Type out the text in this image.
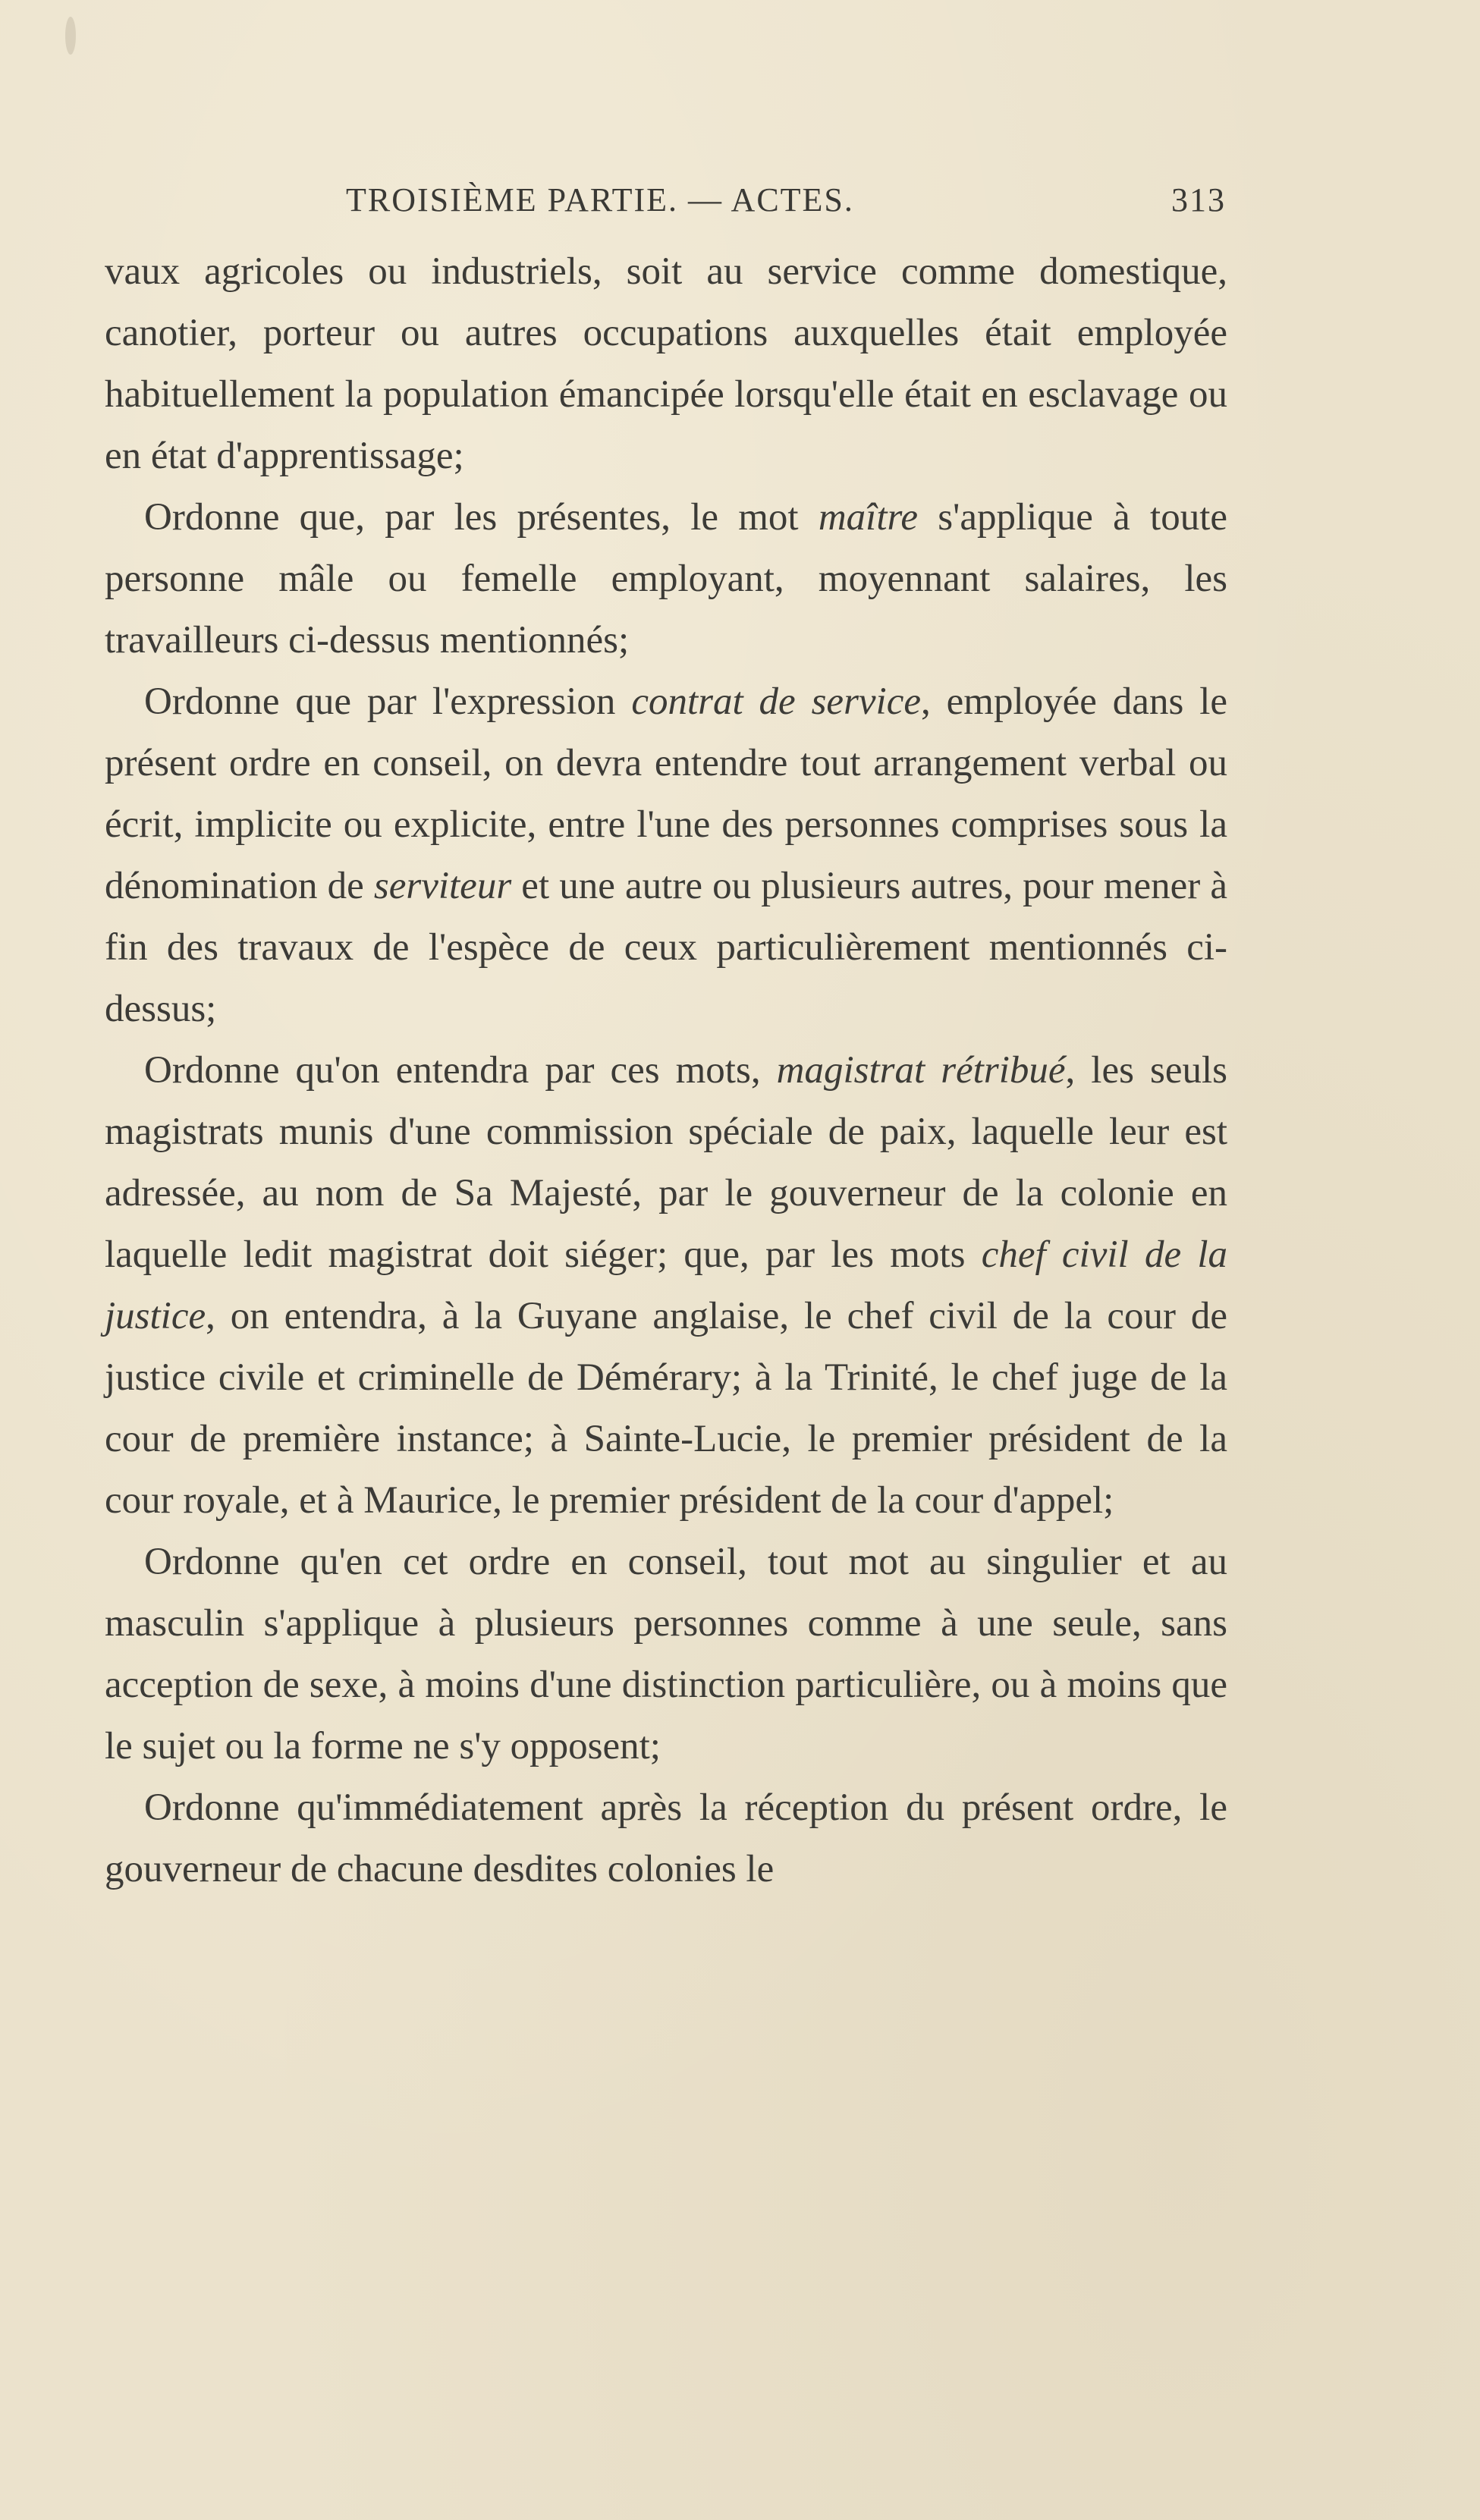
TROISIÈME PARTIE. — ACTES.	313

vaux agricoles ou industriels, soit au service comme domestique, canotier, porteur ou autres occupations auxquelles était employée habituellement la population émancipée lorsqu'elle était en esclavage ou en état d'apprentissage;

Ordonne que, par les présentes, le mot maître s'applique à toute personne mâle ou femelle employant, moyennant salaires, les travailleurs ci-dessus mentionnés;

Ordonne que par l'expression contrat de service, employée dans le présent ordre en conseil, on devra entendre tout arrangement verbal ou écrit, implicite ou explicite, entre l'une des personnes comprises sous la dénomination de serviteur et une autre ou plusieurs autres, pour mener à fin des travaux de l'espèce de ceux particulièrement mentionnés ci-dessus;

Ordonne qu'on entendra par ces mots, magistrat rétribué, les seuls magistrats munis d'une commission spéciale de paix, laquelle leur est adressée, au nom de Sa Majesté, par le gouverneur de la colonie en laquelle ledit magistrat doit siéger; que, par les mots chef civil de la justice, on entendra, à la Guyane anglaise, le chef civil de la cour de justice civile et criminelle de Démérary; à la Trinité, le chef juge de la cour de première instance; à Sainte-Lucie, le premier président de la cour royale, et à Maurice, le premier président de la cour d'appel;

Ordonne qu'en cet ordre en conseil, tout mot au singulier et au masculin s'applique à plusieurs personnes comme à une seule, sans acception de sexe, à moins d'une distinction particulière, ou à moins que le sujet ou la forme ne s'y opposent;

Ordonne qu'immédiatement après la réception du présent ordre, le gouverneur de chacune desdites colonies le
